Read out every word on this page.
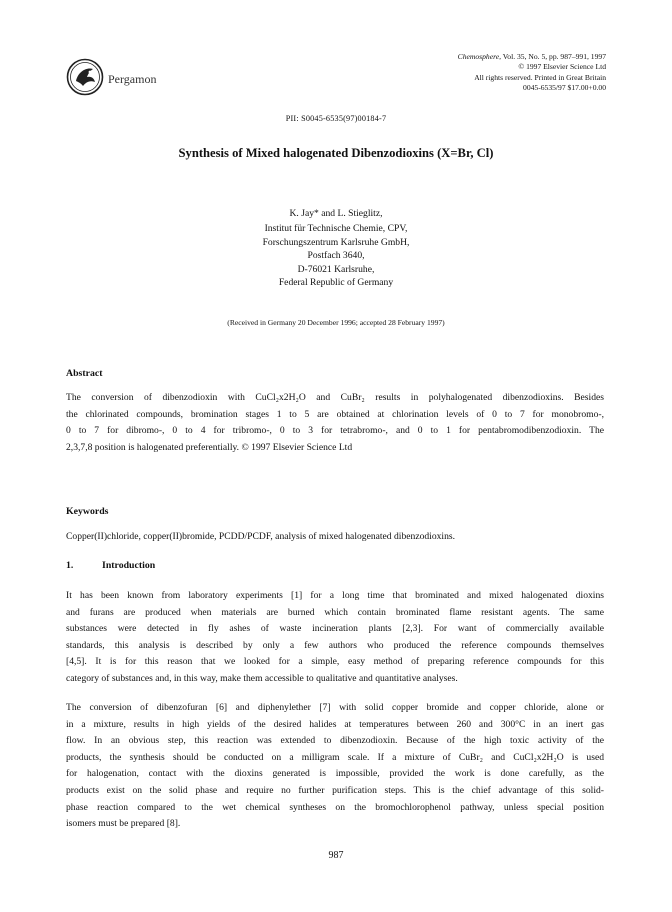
Pergamon
Chemosphere, Vol. 35, No. 5, pp. 987–991, 1997
© 1997 Elsevier Science Ltd
All rights reserved. Printed in Great Britain
0045-6535/97 $17.00+0.00
PII: S0045-6535(97)00184-7
Synthesis of Mixed halogenated Dibenzodioxins (X=Br, Cl)
K. Jay* and L. Stieglitz,
Institut für Technische Chemie, CPV,
Forschungszentrum Karlsruhe GmbH,
Postfach 3640,
D-76021 Karlsruhe,
Federal Republic of Germany
(Received in Germany 20 December 1996; accepted 28 February 1997)
Abstract
The conversion of dibenzodioxin with CuCl₂x2H₂O and CuBr₂ results in polyhalogenated dibenzodioxins. Besides
the chlorinated compounds, bromination stages 1 to 5 are obtained at chlorination levels of 0 to 7 for monobromo-,
0 to 7 for dibromo-, 0 to 4 for tribromo-, 0 to 3 for tetrabromo-, and 0 to 1 for pentabromodibenzodioxin. The
2,3,7,8 position is halogenated preferentially. © 1997 Elsevier Science Ltd
Keywords
Copper(II)chloride, copper(II)bromide, PCDD/PCDF, analysis of mixed halogenated dibenzodioxins.
1.	Introduction
It has been known from laboratory experiments [1] for a long time that brominated and mixed halogenated dioxins
and furans are produced when materials are burned which contain brominated flame resistant agents. The same
substances were detected in fly ashes of waste incineration plants [2,3]. For want of commercially available
standards, this analysis is described by only a few authors who produced the reference compounds themselves
[4,5]. It is for this reason that we looked for a simple, easy method of preparing reference compounds for this
category of substances and, in this way, make them accessible to qualitative and quantitative analyses.
The conversion of dibenzofuran [6] and diphenylether [7] with solid copper bromide and copper chloride, alone or
in a mixture, results in high yields of the desired halides at temperatures between 260 and 300°C in an inert gas
flow. In an obvious step, this reaction was extended to dibenzodioxin. Because of the high toxic activity of the
products, the synthesis should be conducted on a milligram scale. If a mixture of CuBr₂ and CuCl₂x2H₂O is used
for halogenation, contact with the dioxins generated is impossible, provided the work is done carefully, as the
products exist on the solid phase and require no further purification steps. This is the chief advantage of this solid-
phase reaction compared to the wet chemical syntheses on the bromochlorophenol pathway, unless special position
isomers must be prepared [8].
987
